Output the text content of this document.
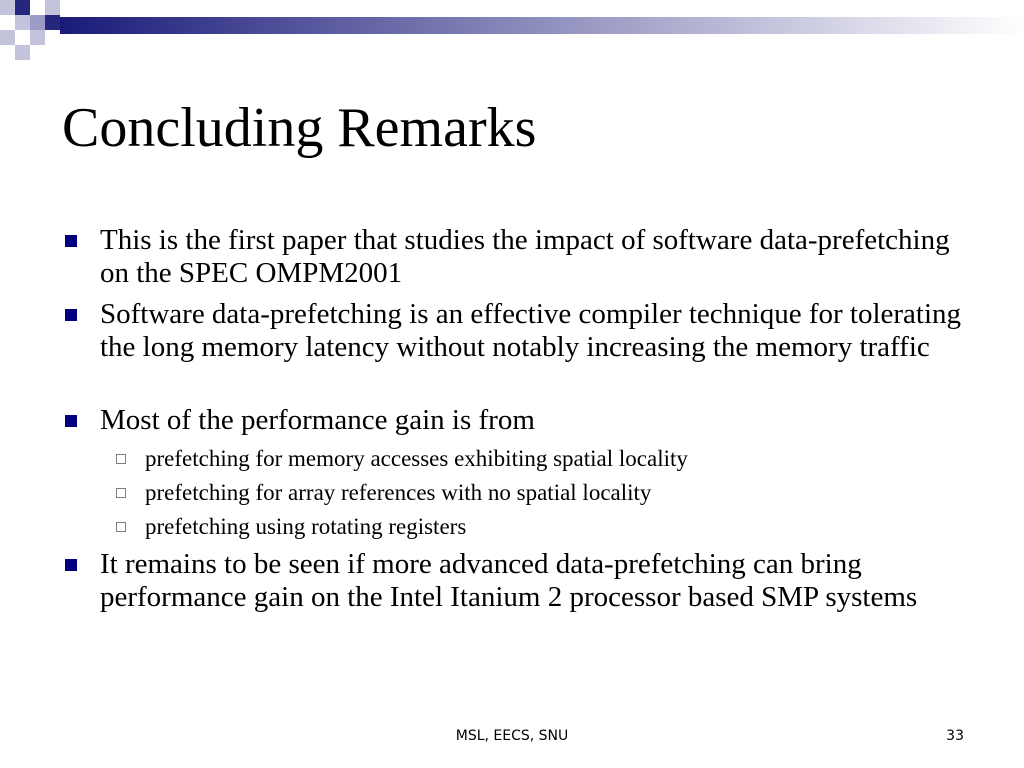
Concluding Remarks
This is the first paper that studies the impact of software data-prefetching on the SPEC OMPM2001
Software data-prefetching is an effective compiler technique for tolerating the long memory latency without notably increasing the memory traffic
Most of the performance gain is from
prefetching for memory accesses exhibiting spatial locality
prefetching for array references with no spatial locality
prefetching using rotating registers
It remains to be seen if more advanced data-prefetching can bring performance gain on the Intel Itanium 2 processor based SMP systems
MSL, EECS, SNU	33
